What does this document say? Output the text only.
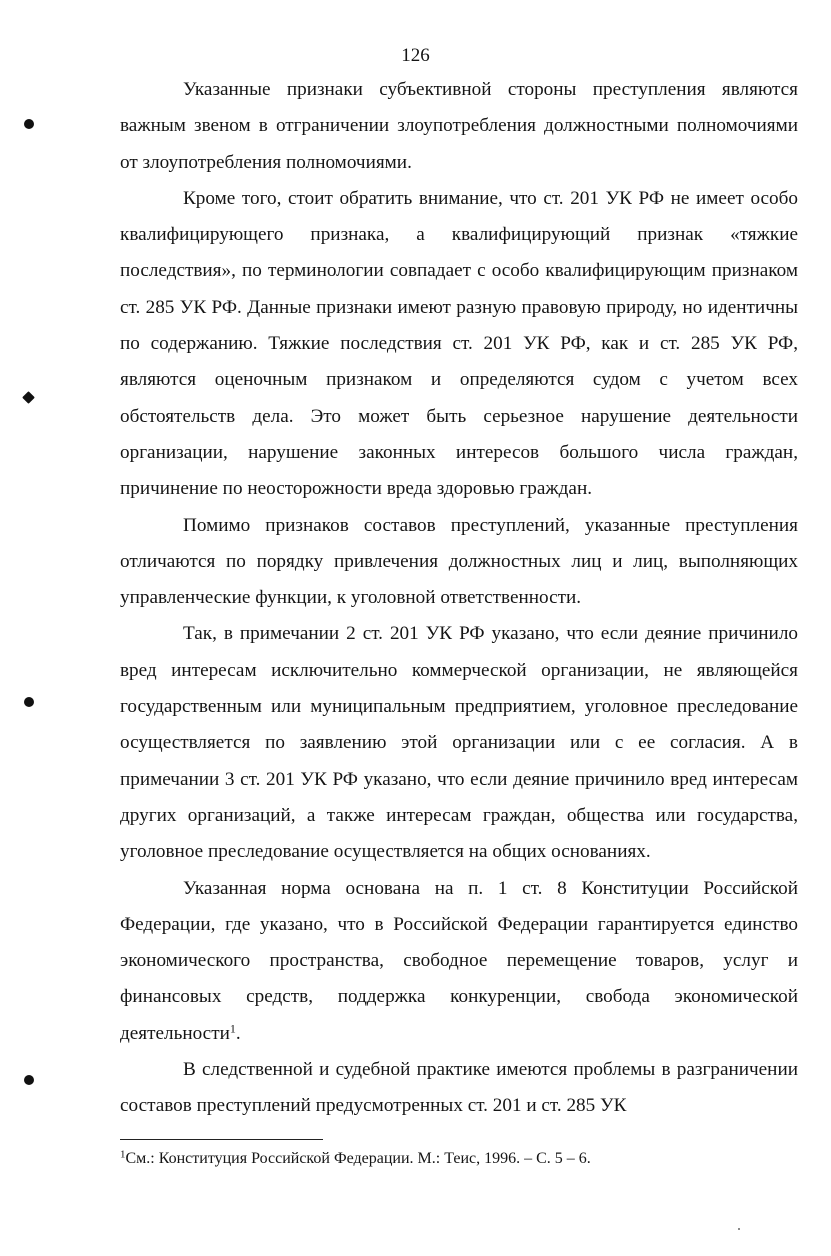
126

Указанные признаки субъективной стороны преступления являются важным звеном в отграничении злоупотребления должностными полномочиями от злоупотребления полномочиями.

Кроме того, стоит обратить внимание, что ст. 201 УК РФ не имеет особо квалифицирующего признака, а квалифицирующий признак «тяжкие последствия», по терминологии совпадает с особо квалифицирующим признаком ст. 285 УК РФ. Данные признаки имеют разную правовую природу, но идентичны по содержанию. Тяжкие последствия ст. 201 УК РФ, как и ст. 285 УК РФ, являются оценочным признаком и определяются судом с учетом всех обстоятельств дела. Это может быть серьезное нарушение деятельности организации, нарушение законных интересов большого числа граждан, причинение по неосторожности вреда здоровью граждан.

Помимо признаков составов преступлений, указанные преступления отличаются по порядку привлечения должностных лиц и лиц, выполняющих управленческие функции, к уголовной ответственности.

Так, в примечании 2 ст. 201 УК РФ указано, что если деяние причинило вред интересам исключительно коммерческой организации, не являющейся государственным или муниципальным предприятием, уголовное преследование осуществляется по заявлению этой организации или с ее согласия. А в примечании 3 ст. 201 УК РФ указано, что если деяние причинило вред интересам других организаций, а также интересам граждан, общества или государства, уголовное преследование осуществляется на общих основаниях.

Указанная норма основана на п. 1 ст. 8 Конституции Российской Федерации, где указано, что в Российской Федерации гарантируется единство экономического пространства, свободное перемещение товаров, услуг и финансовых средств, поддержка конкуренции, свобода экономической деятельности$^1$.

В следственной и судебной практике имеются проблемы в разграничении составов преступлений предусмотренных ст. 201 и ст. 285 УК

$^1$См.: Конституция Российской Федерации. М.: Теис, 1996. – С. 5 – 6.
